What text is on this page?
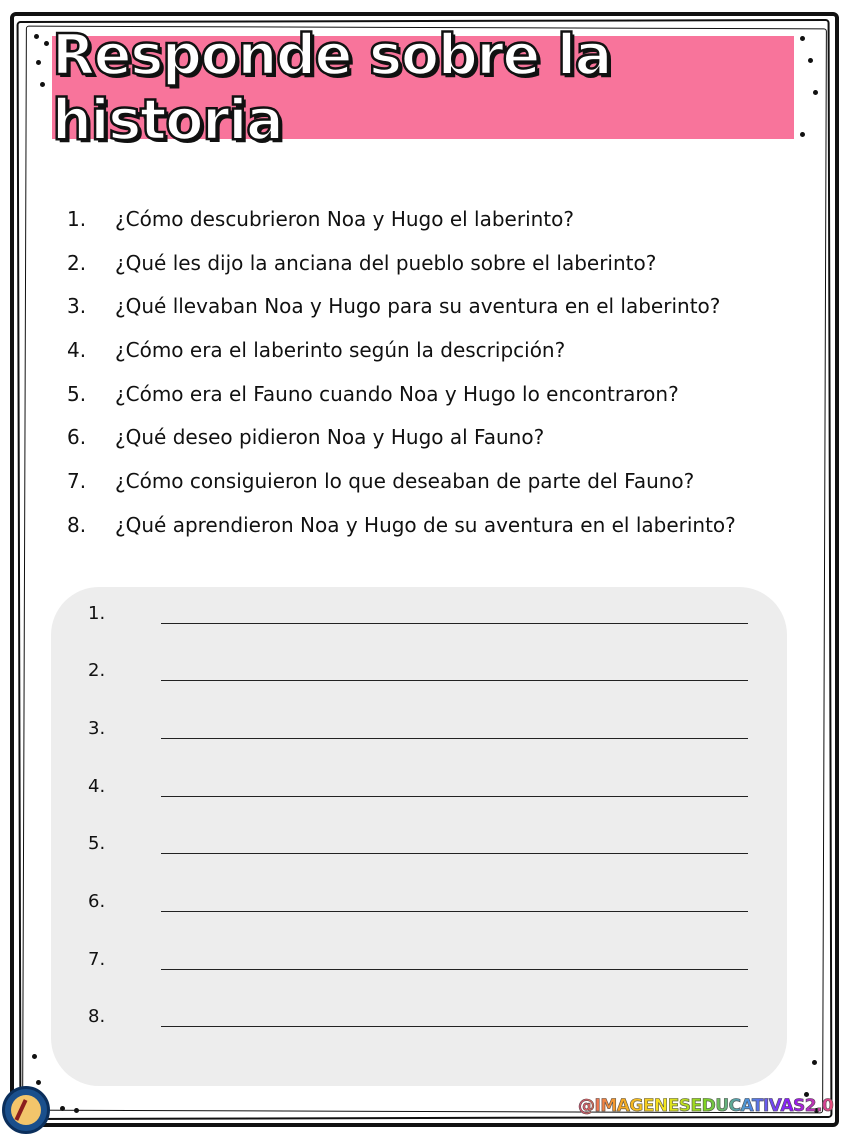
Responde sobre la historia
1.	¿Cómo descubrieron Noa y Hugo el laberinto?
2.	¿Qué les dijo la anciana del pueblo sobre el laberinto?
3.	¿Qué llevaban Noa y Hugo para su aventura en el laberinto?
4.	¿Cómo era el laberinto según la descripción?
5.	¿Cómo era el Fauno cuando Noa y Hugo lo encontraron?
6.	¿Qué deseo pidieron Noa y Hugo al Fauno?
7.	¿Cómo consiguieron lo que deseaban de parte del Fauno?
8.	¿Qué aprendieron Noa y Hugo de su aventura en el laberinto?
1.
2.
3.
4.
5.
6.
7.
8.
@IMAGENESEDUCATIVAS2.0
